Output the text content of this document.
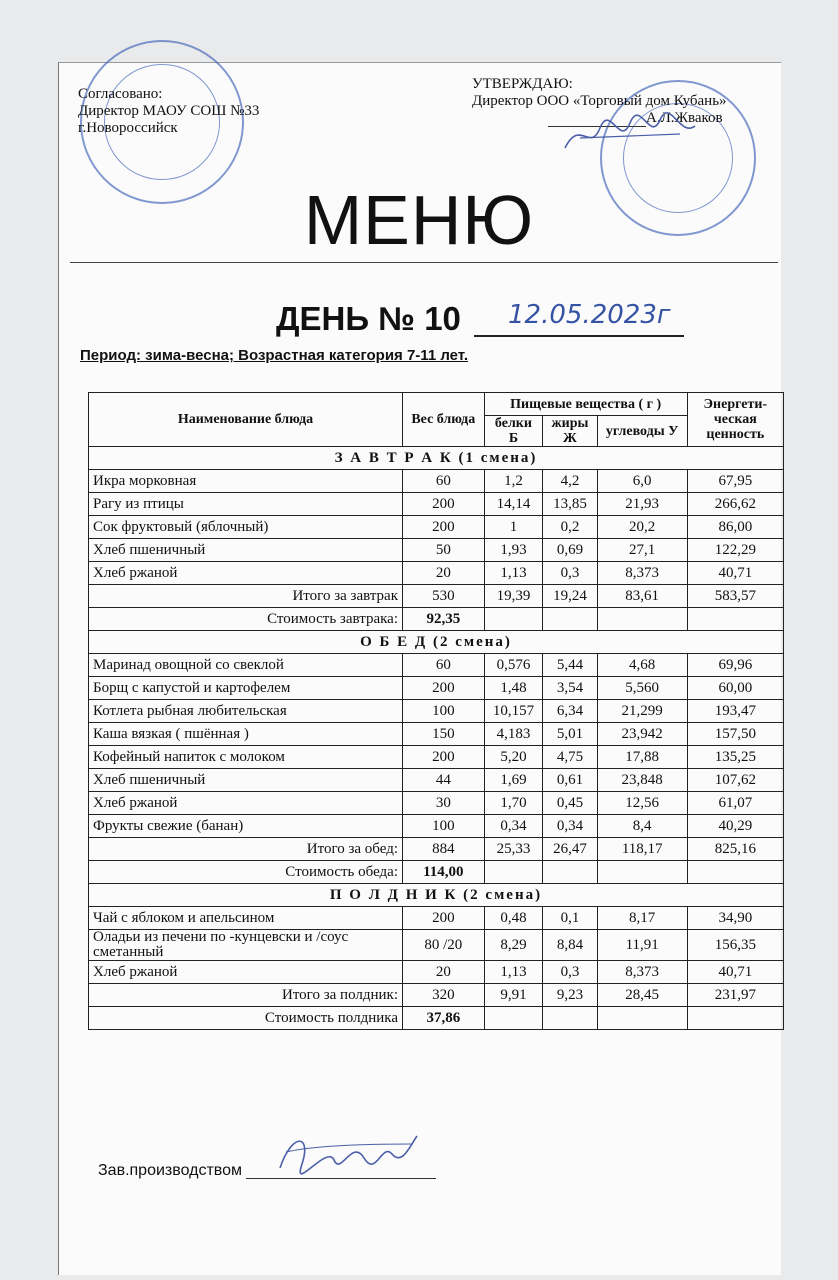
Согласовано:
Директор МАОУ СОШ №33
г.Новороссийск
УТВЕРЖДАЮ:
Директор ООО «Торговый дом Кубань»
А.Л.Жваков
МЕНЮ
ДЕНЬ № 10 12.05.2023г
Период: зима-весна; Возрастная категория 7-11 лет.
Наименование блюда	Вес блюда	Пищевые вещества ( г )			Энергети-ческая ценность
		белки Б	жиры Ж	углеводы У	
З А В Т Р А К (1 смена)					
Икра морковная	60	1,2	4,2	6,0	67,95
Рагу из птицы	200	14,14	13,85	21,93	266,62
Сок фруктовый (яблочный)	200	1	0,2	20,2	86,00
Хлеб пшеничный	50	1,93	0,69	27,1	122,29
Хлеб ржаной	20	1,13	0,3	8,373	40,71
Итого за завтрак	530	19,39	19,24	83,61	583,57
Стоимость завтрака:	92,35				
О Б Е Д (2 смена)					
Маринад овощной со свеклой	60	0,576	5,44	4,68	69,96
Борщ с капустой и картофелем	200	1,48	3,54	5,560	60,00
Котлета рыбная любительская	100	10,157	6,34	21,299	193,47
Каша вязкая ( пшённая )	150	4,183	5,01	23,942	157,50
Кофейный напиток с молоком	200	5,20	4,75	17,88	135,25
Хлеб пшеничный	44	1,69	0,61	23,848	107,62
Хлеб ржаной	30	1,70	0,45	12,56	61,07
Фрукты свежие (банан)	100	0,34	0,34	8,4	40,29
Итого за обед:	884	25,33	26,47	118,17	825,16
Стоимость обеда:	114,00				
П О Л Д Н И К (2 смена)					
Чай с яблоком и апельсином	200	0,48	0,1	8,17	34,90
Оладьи из печени по -кунцевски и /соус сметанный	80 /20	8,29	8,84	11,91	156,35
Хлеб ржаной	20	1,13	0,3	8,373	40,71
Итого за полдник:	320	9,91	9,23	28,45	231,97
Стоимость полдника	37,86				
Зав.производством
